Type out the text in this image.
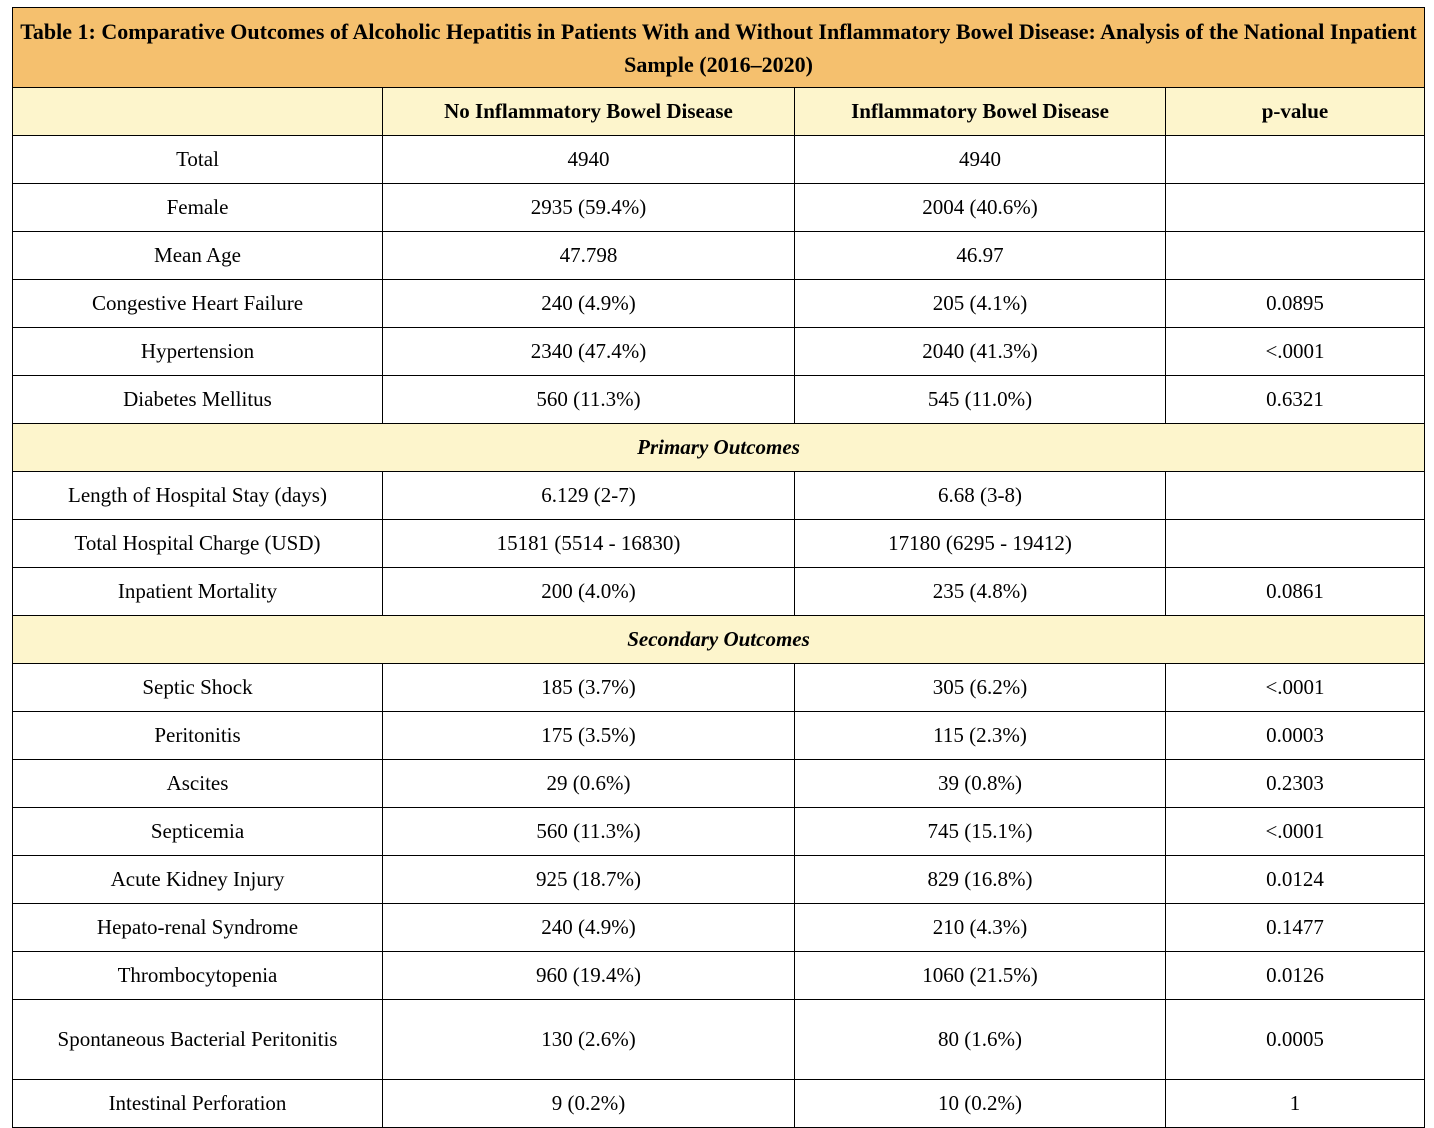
Table 1: Comparative Outcomes of Alcoholic Hepatitis in Patients With and Without Inflammatory Bowel Disease: Analysis of the National Inpatient Sample (2016–2020)			
	No Inflammatory Bowel Disease	Inflammatory Bowel Disease	p-value
Total	4940	4940	
Female	2935 (59.4%)	2004 (40.6%)	
Mean Age	47.798	46.97	
Congestive Heart Failure	240 (4.9%)	205 (4.1%)	0.0895
Hypertension	2340 (47.4%)	2040 (41.3%)	<.0001
Diabetes Mellitus	560 (11.3%)	545 (11.0%)	0.6321
Primary Outcomes			
Length of Hospital Stay (days)	6.129 (2-7)	6.68 (3-8)	
Total Hospital Charge (USD)	15181 (5514 - 16830)	17180 (6295 - 19412)	
Inpatient Mortality	200 (4.0%)	235 (4.8%)	0.0861
Secondary Outcomes			
Septic Shock	185 (3.7%)	305 (6.2%)	<.0001
Peritonitis	175 (3.5%)	115 (2.3%)	0.0003
Ascites	29 (0.6%)	39 (0.8%)	0.2303
Septicemia	560 (11.3%)	745 (15.1%)	<.0001
Acute Kidney Injury	925 (18.7%)	829 (16.8%)	0.0124
Hepato-renal Syndrome	240 (4.9%)	210 (4.3%)	0.1477
Thrombocytopenia	960 (19.4%)	1060 (21.5%)	0.0126
Spontaneous Bacterial Peritonitis	130 (2.6%)	80 (1.6%)	0.0005
Intestinal Perforation	9 (0.2%)	10 (0.2%)	1
